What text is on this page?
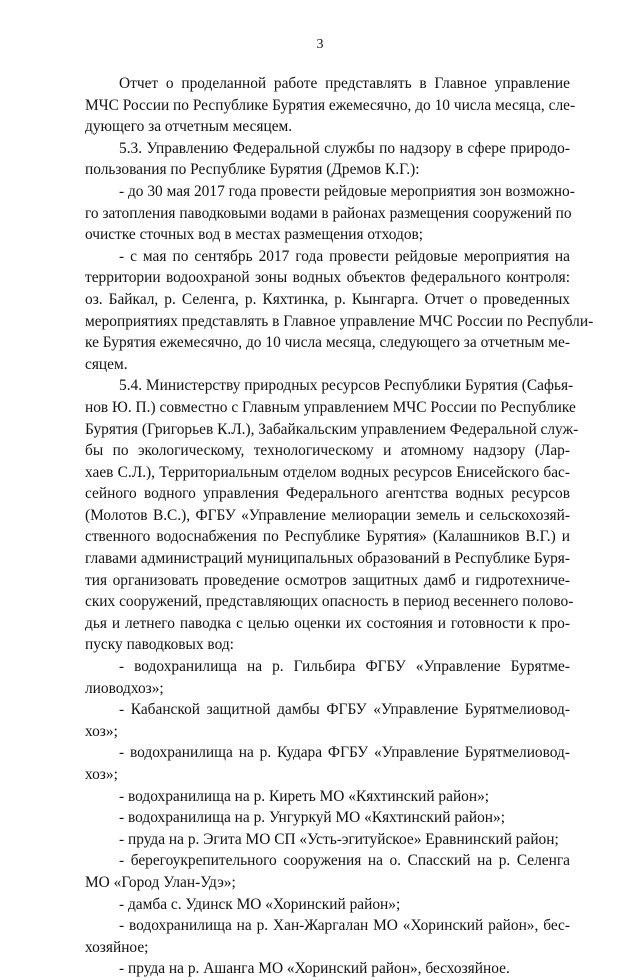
3
Отчет о проделанной работе представлять в Главное управление
МЧС России по Республике Бурятия ежемесячно, до 10 числа месяца, сле-
дующего за отчетным месяцем.
5.3. Управлению Федеральной службы по надзору в сфере природо-
пользования по Республике Бурятия (Дремов К.Г.):
- до 30 мая 2017 года провести рейдовые мероприятия зон возможно-
го затопления паводковыми водами в районах размещения сооружений по
очистке сточных вод в местах размещения отходов;
- с мая по сентябрь 2017 года провести рейдовые мероприятия на
территории водоохраной зоны водных объектов федерального контроля:
оз. Байкал, р. Селенга, р. Кяхтинка, р. Кынгарга. Отчет о проведенных
мероприятиях представлять в Главное управление МЧС России по Республи-
ке Бурятия ежемесячно, до 10 числа месяца, следующего за отчетным ме-
сяцем.
5.4. Министерству природных ресурсов Республики Бурятия (Сафья-
нов Ю. П.) совместно с Главным управлением МЧС России по Республике
Бурятия (Григорьев К.Л.), Забайкальским управлением Федеральной служ-
бы по экологическому, технологическому и атомному надзору (Лар-
хаев С.Л.), Территориальным отделом водных ресурсов Енисейского бас-
сейного водного управления Федерального агентства водных ресурсов
(Молотов В.С.), ФГБУ «Управление мелиорации земель и сельскохозяй-
ственного водоснабжения по Республике Бурятия» (Калашников В.Г.) и
главами администраций муниципальных образований в Республике Буря-
тия организовать проведение осмотров защитных дамб и гидротехниче-
ских сооружений, представляющих опасность в период весеннего полово-
дья и летнего паводка с целью оценки их состояния и готовности к про-
пуску паводковых вод:
- водохранилища на р. Гильбира ФГБУ «Управление Бурятме-
лиоводхоз»;
- Кабанской защитной дамбы ФГБУ «Управление Бурятмелиовод-
хоз»;
- водохранилища на р. Кудара ФГБУ «Управление Бурятмелиовод-
хоз»;
- водохранилища на р. Киреть МО «Кяхтинский район»;
- водохранилища на р. Унгуркуй МО «Кяхтинский район»;
- пруда на р. Эгита МО СП «Усть-эгитуйское» Еравнинский район;
- берегоукрепительного сооружения на о. Спасский на р. Селенга
МО «Город Улан-Удэ»;
- дамба с. Удинск МО «Хоринский район»;
- водохранилища на р. Хан-Жаргалан МО «Хоринский район», бес-
хозяйное;
- пруда на р. Ашанга МО «Хоринский район», бесхозяйное.
